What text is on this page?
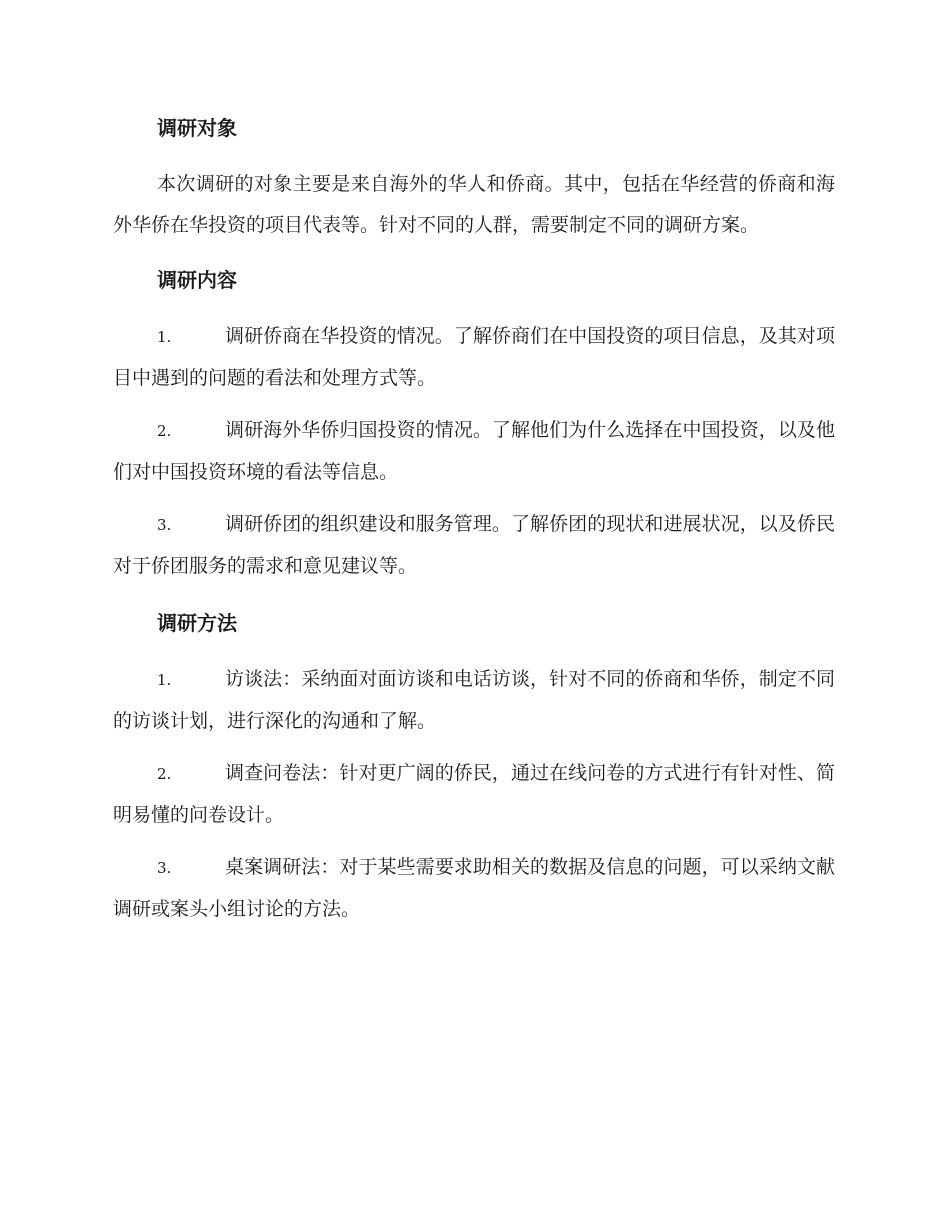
调研对象

本次调研的对象主要是来自海外的华人和侨商。其中，包括在华经营的侨商和海外华侨在华投资的项目代表等。针对不同的人群，需要制定不同的调研方案。

调研内容

1.	调研侨商在华投资的情况。了解侨商们在中国投资的项目信息，及其对项目中遇到的问题的看法和处理方式等。

2.	调研海外华侨归国投资的情况。了解他们为什么选择在中国投资，以及他们对中国投资环境的看法等信息。

3.	调研侨团的组织建设和服务管理。了解侨团的现状和进展状况，以及侨民对于侨团服务的需求和意见建议等。

调研方法

1.	访谈法：采纳面对面访谈和电话访谈，针对不同的侨商和华侨，制定不同的访谈计划，进行深化的沟通和了解。

2.	调查问卷法：针对更广阔的侨民，通过在线问卷的方式进行有针对性、简明易懂的问卷设计。

3.	桌案调研法：对于某些需要求助相关的数据及信息的问题，可以采纳文献调研或案头小组讨论的方法。
